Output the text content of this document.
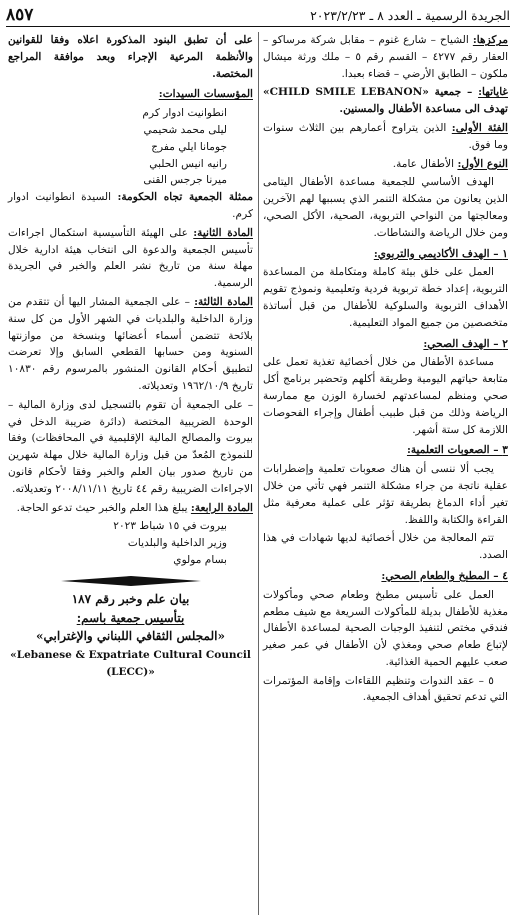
٨٥٧	الجريدة الرسمية ـ العدد ٨ ـ ٢٠٢٣/٢/٢٣

مركزها: الشياح – شارع غنوم – مقابل شركة مرساكو – العقار رقم ٤٢٧٧ – القسم رقم ٥ – ملك ورثة ميشال ملكون – الطابق الأرضي – قضاء بعبدا.

غاياتها: – جمعية «CHILD SMILE LEBANON» تهدف الى مساعدة الأطفال والمسنين.

الفئة الأولى: الذين يتراوح أعمارهم بين الثلاث سنوات وما فوق.

النوع الأول: الأطفال عامة.

الهدف الأساسي للجمعية مساعدة الأطفال اليتامى الذين يعانون من مشكلة التنمر الذي يسببها لهم الآخرين ومعالجتها من النواحي التربوية، الصحية، الأكل الصحي، ومن خلال الرياضة والنشاطات.

١ – الهدف الأكاديمي والتربوي:

العمل على خلق بيئة كاملة ومتكاملة من المساعدة التربوية، إعداد خطة تربوية فردية وتعليمية ونموذج تقويم الأهداف التربوية والسلوكية للأطفال من قبل أساتذة متخصصين من جميع المواد التعليمية.

٢ – الهدف الصحي:

مساعدة الأطفال من خلال أخصائية تغذية تعمل على متابعة حياتهم اليومية وطريقة أكلهم وتحضير برنامج أكل صحي ومنظم لمساعدتهم لخسارة الوزن مع ممارسة الرياضة وذلك من قبل طبيب أطفال وإجراء الفحوصات اللازمة كل ستة أشهر.

٣ – الصعوبات التعلمية:

يجب ألا ننسى أن هناك صعوبات تعلمية وإضطرابات عقلية ناتجة من جراء مشكلة التنمر فهي تأتي من خلال تغير أداء الدماغ بطريقة تؤثر على عملية معرفية مثل القراءة والكتابة واللفظ.

تتم المعالجة من خلال أخصائية لديها شهادات في هذا الصدد.

٤ – المطبخ والطعام الصحي:

العمل على تأسيس مطبخ وطعام صحي ومأكولات مغذية للأطفال بديلة للمأكولات السريعة مع شيف مطعم فندقي مختص لتنفيذ الوجبات الصحية لمساعدة الأطفال لإتباع طعام صحي ومغذي لأن الأطفال في عمر صغير صعب عليهم الحمية الغذائية.

٥ – عقد الندوات وتنظيم اللقاءات وإقامة المؤتمرات التي تدعم تحقيق أهداف الجمعية.

على أن تطبق البنود المذكورة اعلاه وفقا للقوانين والأنظمة المرعية الإجراء وبعد موافقة المراجع المختصة.

المؤسسات السيدات:
انطوانيت ادوار كرم
ليلى محمد شحيمي
جومانا ايلي مفرج
رانيه انيس الحلبي
ميرنا جرجس القنى

ممثلة الجمعية تجاه الحكومة: السيدة انطوانيت ادوار كرم.

المادة الثانية: على الهيئة التأسيسية استكمال اجراءات تأسيس الجمعية والدعوة الى انتخاب هيئة ادارية خلال مهلة سنة من تاريخ نشر العلم والخبر في الجريدة الرسمية.

المادة الثالثة: – على الجمعية المشار اليها أن تتقدم من وزارة الداخلية والبلديات في الشهر الأول من كل سنة بلائحة تتضمن أسماء أعضائها وبنسخة من موازنتها السنوية ومن حسابها القطعي السابق وإلا تعرضت لتطبيق أحكام القانون المنشور بالمرسوم رقم ١٠٨٣٠ تاريخ ١٩٦٢/١٠/٩ وتعديلاته.

– على الجمعية أن تقوم بالتسجيل لدى وزارة المالية – الوحدة الضريبية المختصة (دائرة ضريبة الدخل في بيروت والمصالح المالية الإقليمية في المحافظات) وفقا للنموذج المُعدّ من قبل وزارة المالية خلال مهلة شهرين من تاريخ صدور بيان العلم والخبر وفقا لأحكام قانون الاجراءات الضريبية رقم ٤٤ تاريخ ٢٠٠٨/١١/١١ وتعديلاته.

المادة الرابعة: يبلغ هذا العلم والخبر حيث تدعو الحاجة.

بيروت في ١٥ شباط ٢٠٢٣

وزير الداخلية والبلديات

بسام مولوي

بيان علم وخبر رقم ١٨٧
بتأسيس جمعية باسم:
«المجلس الثقافي اللبناني والإغترابي»
«Lebanese & Expatriate Cultural Council
(LECC)»
